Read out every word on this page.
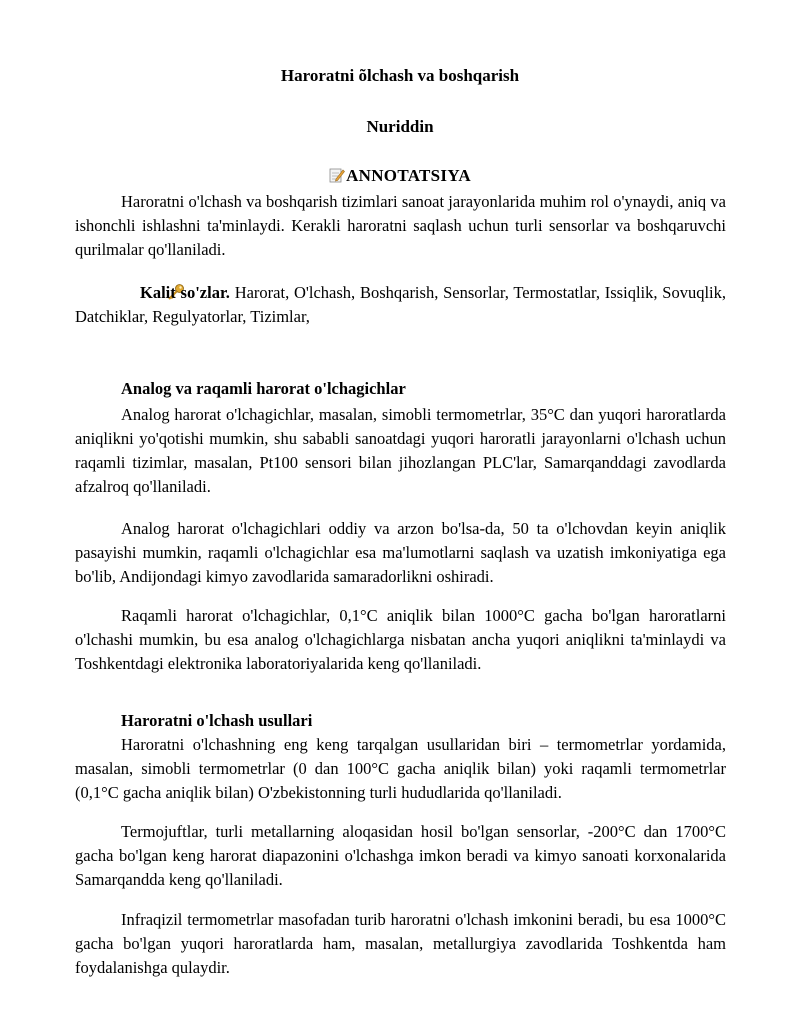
Haroratni õlchash va boshqarish
Nuriddin
ANNOTATSIYA
Haroratni o'lchash va boshqarish tizimlari sanoat jarayonlarida muhim rol o'ynaydi, aniq va ishonchli ishlashni ta'minlaydi. Kerakli haroratni saqlash uchun turli sensorlar va boshqaruvchi qurilmalar qo'llaniladi.
Kalit so'zlar. Harorat, O'lchash, Boshqarish, Sensorlar, Termostatlar, Issiqlik, Sovuqlik, Datchiklar, Regulyatorlar, Tizimlar,
Analog va raqamli harorat o'lchagichlar
Analog harorat o'lchagichlar, masalan, simobli termometrlar, 35°C dan yuqori haroratlarda aniqlikni yo'qotishi mumkin, shu sababli sanoatdagi yuqori haroratli jarayonlarni o'lchash uchun raqamli tizimlar, masalan, Pt100 sensori bilan jihozlangan PLC'lar, Samarqanddagi zavodlarda afzalroq qo'llaniladi.
Analog harorat o'lchagichlari oddiy va arzon bo'lsa-da, 50 ta o'lchovdan keyin aniqlik pasayishi mumkin, raqamli o'lchagichlar esa ma'lumotlarni saqlash va uzatish imkoniyatiga ega bo'lib, Andijondagi kimyo zavodlarida samaradorlikni oshiradi.
Raqamli harorat o'lchagichlar, 0,1°C aniqlik bilan 1000°C gacha bo'lgan haroratlarni o'lchashi mumkin, bu esa analog o'lchagichlarga nisbatan ancha yuqori aniqlikni ta'minlaydi va Toshkentdagi elektronika laboratoriyalarida keng qo'llaniladi.
Haroratni o'lchash usullari
Haroratni o'lchashning eng keng tarqalgan usullaridan biri – termometrlar yordamida, masalan, simobli termometrlar (0 dan 100°C gacha aniqlik bilan) yoki raqamli termometrlar (0,1°C gacha aniqlik bilan) O'zbekistonning turli hududlarida qo'llaniladi.
Termojuftlar, turli metallarning aloqasidan hosil bo'lgan sensorlar, -200°C dan 1700°C gacha bo'lgan keng harorat diapazonini o'lchashga imkon beradi va kimyo sanoati korxonalarida Samarqandda keng qo'llaniladi.
Infraqizil termometrlar masofadan turib haroratni o'lchash imkonini beradi, bu esa 1000°C gacha bo'lgan yuqori haroratlarda ham, masalan, metallurgiya zavodlarida Toshkentda ham foydalanishga qulaydir.
